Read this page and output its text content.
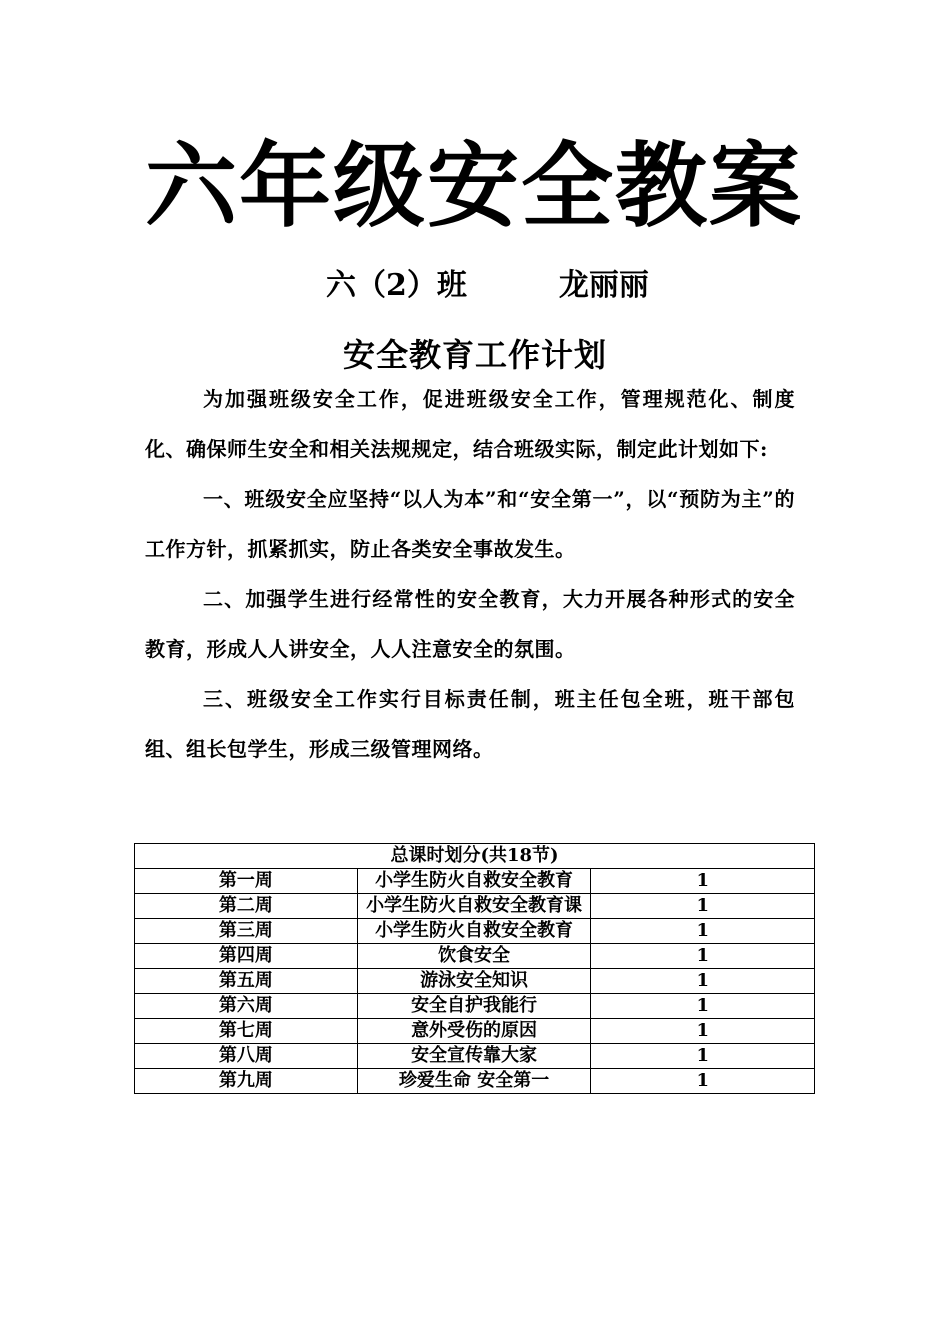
六年级安全教案
六（2）班	龙丽丽
安全教育工作计划

为加强班级安全工作，促进班级安全工作，管理规范化、制度化、确保师生安全和相关法规规定，结合班级实际，制定此计划如下:

一、班级安全应坚持“以人为本”和“安全第一”，以“预防为主”的工作方针，抓紧抓实，防止各类安全事故发生。

二、加强学生进行经常性的安全教育，大力开展各种形式的安全教育，形成人人讲安全，人人注意安全的氛围。

三、班级安全工作实行目标责任制，班主任包全班，班干部包组、组长包学生，形成三级管理网络。

总课时划分(共18节)		
第一周	小学生防火自救安全教育	1
第二周	小学生防火自救安全教育课	1
第三周	小学生防火自救安全教育	1
第四周	饮食安全	1
第五周	游泳安全知识	1
第六周	安全自护我能行	1
第七周	意外受伤的原因	1
第八周	安全宣传靠大家	1
第九周	珍爱生命 安全第一	1
